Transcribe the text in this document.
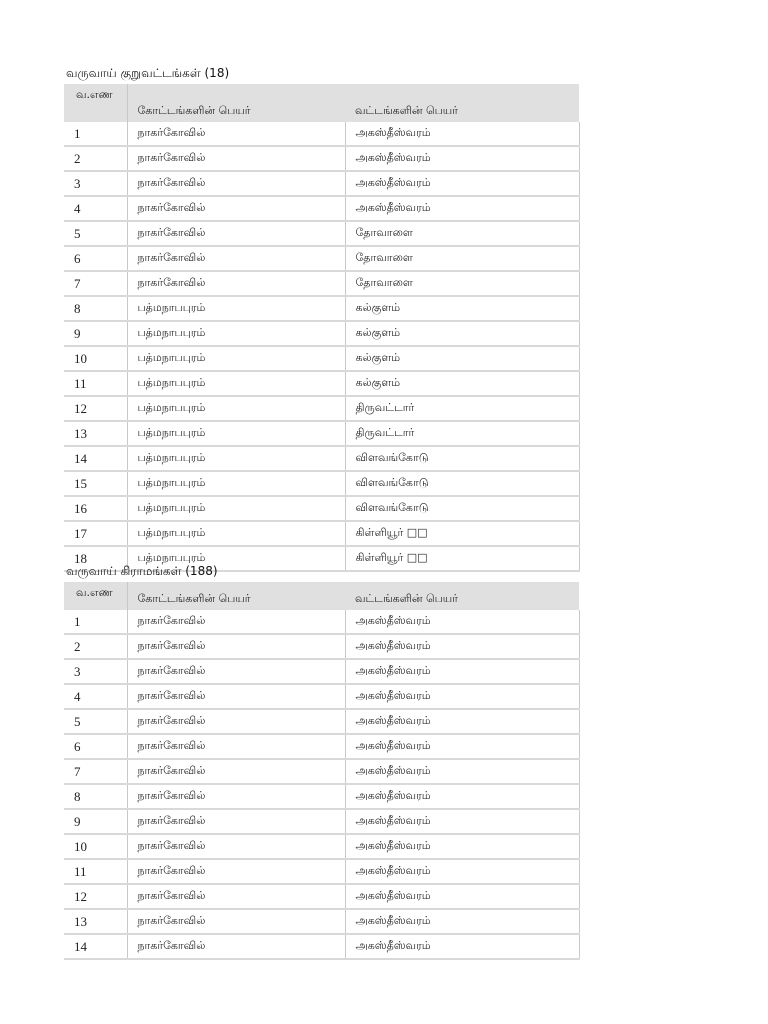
வருவாய் குறுவட்டங்கள் (18)
வ.எண	கோட்டங்களின் பெயர்	வட்டங்களின் பெயர்
1	நாகர்கோவில்	அகஸ்தீஸ்வரம்
2	நாகர்கோவில்	அகஸ்தீஸ்வரம்
3	நாகர்கோவில்	அகஸ்தீஸ்வரம்
4	நாகர்கோவில்	அகஸ்தீஸ்வரம்
5	நாகர்கோவில்	தோவாளை
6	நாகர்கோவில்	தோவாளை
7	நாகர்கோவில்	தோவாளை
8	பத்மநாபபுரம்	கல்குளம்
9	பத்மநாபபுரம்	கல்குளம்
10	பத்மநாபபுரம்	கல்குளம்
11	பத்மநாபபுரம்	கல்குளம்
12	பத்மநாபபுரம்	திருவட்டார்
13	பத்மநாபபுரம்	திருவட்டார்
14	பத்மநாபபுரம்	விளவங்கோடு
15	பத்மநாபபுரம்	விளவங்கோடு
16	பத்மநாபபுரம்	விளவங்கோடு
17	பத்மநாபபுரம்	கிள்ளியூர் □□
18	பத்மநாபபுரம்	கிள்ளியூர் □□
வருவாய் கிராமங்கள் (188)
வ.எண	கோட்டங்களின் பெயர்	வட்டங்களின் பெயர்
1	நாகர்கோவில்	அகஸ்தீஸ்வரம்
2	நாகர்கோவில்	அகஸ்தீஸ்வரம்
3	நாகர்கோவில்	அகஸ்தீஸ்வரம்
4	நாகர்கோவில்	அகஸ்தீஸ்வரம்
5	நாகர்கோவில்	அகஸ்தீஸ்வரம்
6	நாகர்கோவில்	அகஸ்தீஸ்வரம்
7	நாகர்கோவில்	அகஸ்தீஸ்வரம்
8	நாகர்கோவில்	அகஸ்தீஸ்வரம்
9	நாகர்கோவில்	அகஸ்தீஸ்வரம்
10	நாகர்கோவில்	அகஸ்தீஸ்வரம்
11	நாகர்கோவில்	அகஸ்தீஸ்வரம்
12	நாகர்கோவில்	அகஸ்தீஸ்வரம்
13	நாகர்கோவில்	அகஸ்தீஸ்வரம்
14	நாகர்கோவில்	அகஸ்தீஸ்வரம்
